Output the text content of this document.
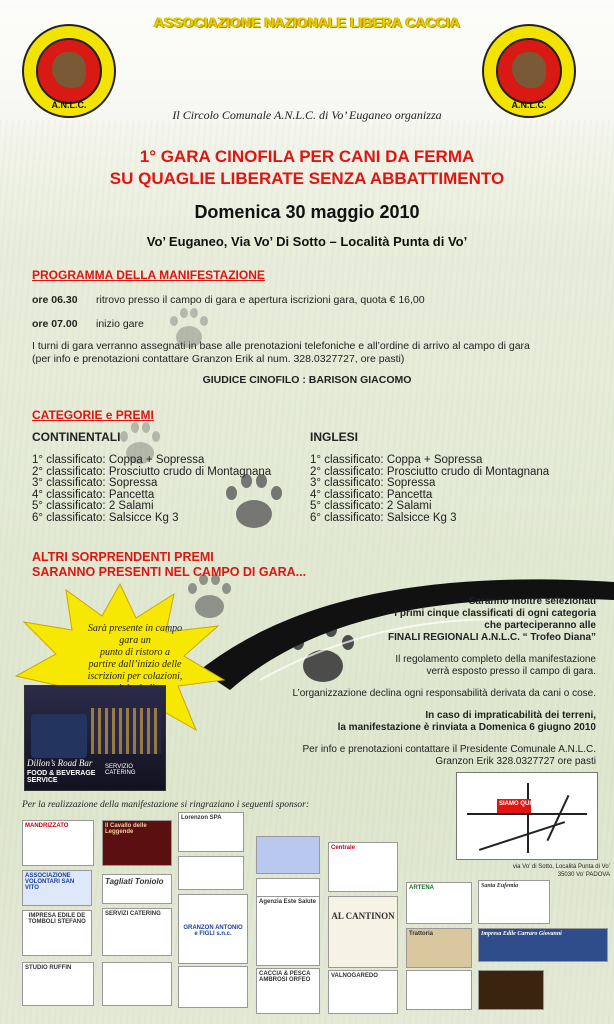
A.N.L.C.	A.N.L.C.
ASSOCIAZIONE NAZIONALE LIBERA CACCIA
Il Circolo Comunale A.N.L.C. di Vo’ Euganeo organizza
1° GARA CINOFILA PER CANI DA FERMA
SU QUAGLIE LIBERATE SENZA ABBATTIMENTO
Domenica 30 maggio 2010
Vo’ Euganeo, Via Vo’ Di Sotto – Località Punta di Vo’
PROGRAMMA DELLA MANIFESTAZIONE
ore 06.30 ritrovo presso il campo di gara e apertura iscrizioni gara, quota € 16,00
ore 07.00 inizio gare
I turni di gara verranno assegnati in base alle prenotazioni telefoniche e all’ordine di arrivo al campo di gara
(per info e prenotazioni contattare Granzon Erik al num. 328.0327727, ore pasti)
GIUDICE CINOFILO : BARISON GIACOMO
CATEGORIE e PREMI
CONTINENTALI
1° classificato: Coppa + Sopressa
2° classificato: Prosciutto crudo di Montagnana
3° classificato: Sopressa
4° classificato: Pancetta
5° classificato: 2 Salami
6° classificato: Salsicce Kg 3
INGLESI
1° classificato: Coppa + Sopressa
2° classificato: Prosciutto crudo di Montagnana
3° classificato: Sopressa
4° classificato: Pancetta
5° classificato: 2 Salami
6° classificato: Salsicce Kg 3
ALTRI SORPRENDENTI PREMI
SARANNO PRESENTI NEL CAMPO DI GARA...
Saranno inoltre selezionati
i primi cinque classificati di ogni categoria
che parteciperanno alle
FINALI REGIONALI A.N.L.C. “ Trofeo Diana”
Il regolamento completo della manifestazione
verrà esposto presso il campo di gara.
L’organizzazione declina ogni responsabilità derivata da cani o cose.
In caso di impraticabilità dei terreni,
la manifestazione è rinviata a Domenica 6 giugno 2010
Per info e prenotazioni contattare il Presidente Comunale A.N.L.C.
Granzon Erik 328.0327727 ore pasti
Sarà presente in campo
gara un
punto di ristoro a
partire dall’inizio delle
iscrizioni per colazioni,
Dillon’s Road Bar
FOOD & BEVERAGE SERVICE
SERVIZIO CATERING
Per la realizzazione della manifestazione si ringraziano i seguenti sponsor:	SIAMO QUI
via Vo’ di Sotto, Località Punta di Vo’
35030 Vo’ PADOVA
MANDRIZZATO	Il Cavallo delle Leggende
Lorenzon SPA
ASSOCIAZIONE VOLONTARI SAN VITO
Tagliati Toniolo
IMPRESA EDILE DE TOMBOLI STEFANO
SERVIZI CATERING
STUDIO RUFFIN
GRANZON ANTONIO e FIGLI s.n.c.
Agenzia Este Salute
Centrale
AL CANTINON
VALNOGAREDO
CACCIA & PESCA AMBROSI ORFEO
ARTENA	Santa Eufemia
Impresa Edile Carraro Giovanni
Trattoria
